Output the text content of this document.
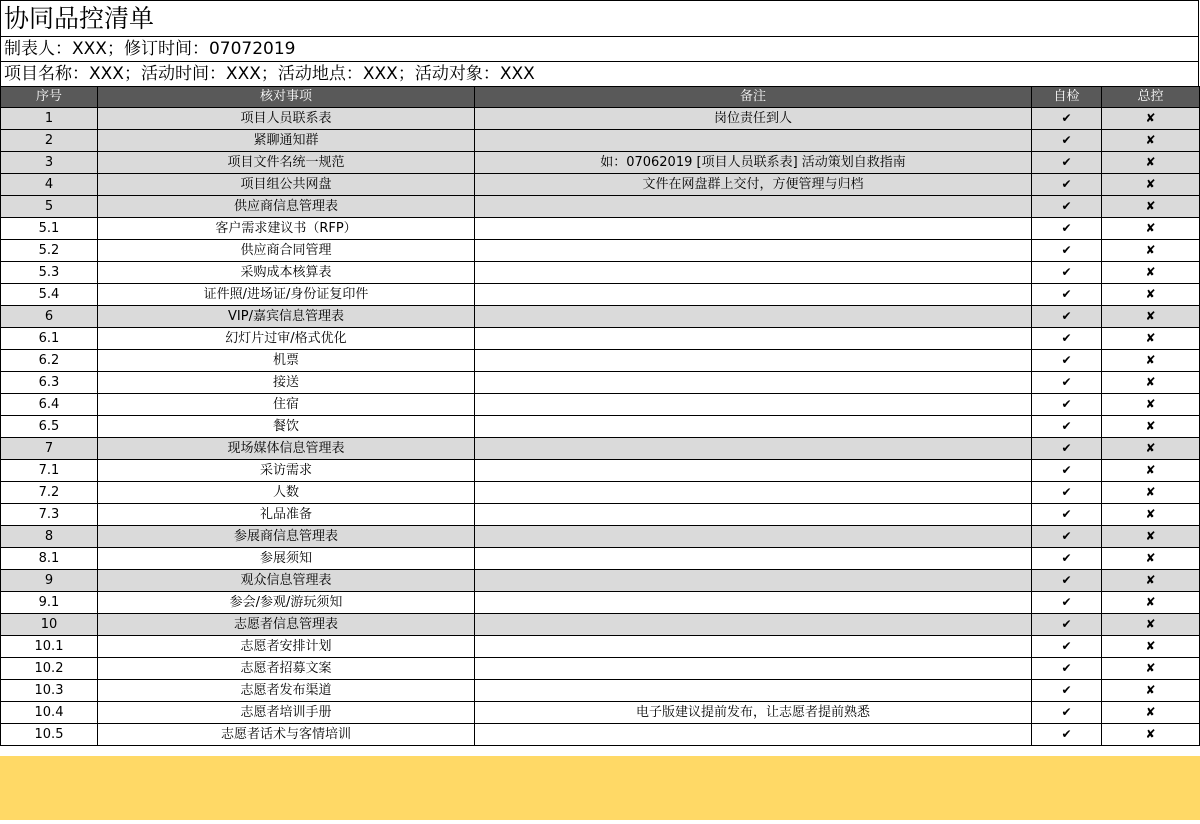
协同品控清单
制表人：XXX；修订时间：07072019
项目名称：XXX；活动时间：XXX；活动地点：XXX；活动对象：XXX
序号	核对事项	备注	自检	总控
1	项目人员联系表	岗位责任到人	✔	✘
2	紧聊通知群		✔	✘
3	项目文件名统一规范	如：07062019 [项目人员联系表] 活动策划自救指南	✔	✘
4	项目组公共网盘	文件在网盘群上交付，方便管理与归档	✔	✘
5	供应商信息管理表		✔	✘
5.1	客户需求建议书（RFP）		✔	✘
5.2	供应商合同管理		✔	✘
5.3	采购成本核算表		✔	✘
5.4	证件照/进场证/身份证复印件		✔	✘
6	VIP/嘉宾信息管理表		✔	✘
6.1	幻灯片过审/格式优化		✔	✘
6.2	机票		✔	✘
6.3	接送		✔	✘
6.4	住宿		✔	✘
6.5	餐饮		✔	✘
7	现场媒体信息管理表		✔	✘
7.1	采访需求		✔	✘
7.2	人数		✔	✘
7.3	礼品准备		✔	✘
8	参展商信息管理表		✔	✘
8.1	参展须知		✔	✘
9	观众信息管理表		✔	✘
9.1	参会/参观/游玩须知		✔	✘
10	志愿者信息管理表		✔	✘
10.1	志愿者安排计划		✔	✘
10.2	志愿者招募文案		✔	✘
10.3	志愿者发布渠道		✔	✘
10.4	志愿者培训手册	电子版建议提前发布，让志愿者提前熟悉	✔	✘
10.5	志愿者话术与客情培训		✔	✘
